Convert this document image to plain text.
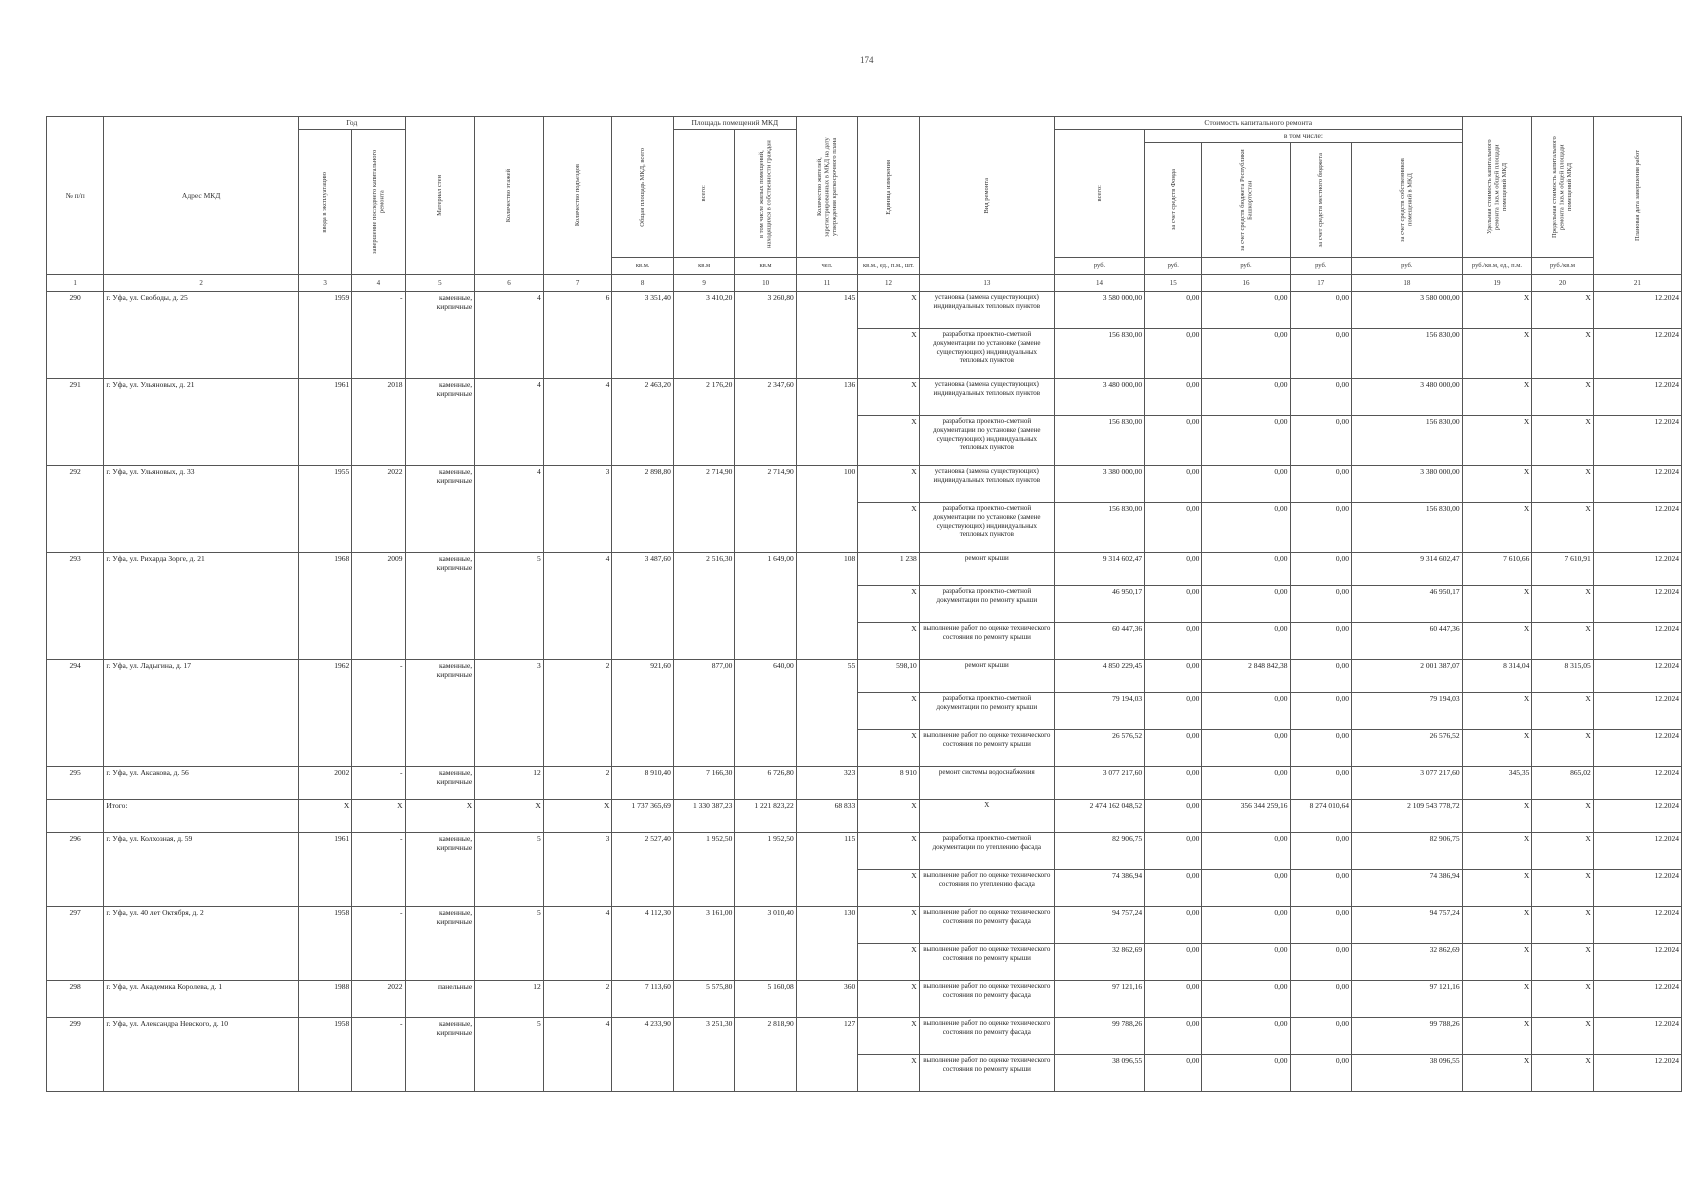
174
№ п/п	Адрес МКД	Год		Материал стен	Количество этажей	Количество подъездов	Общая площадь МКД, всего	Площадь помещений МКД		Количество жителей, зарегистрированных в МКД на дату утверждения краткосрочного плана	Единица измерения	Вид ремонта	Стоимость капитального ремонта					Удельная стоимость капитального ремонта 1кв.м общей площади помещений МКД	Предельная стоимость капитального ремонта 1кв.м общей площади помещений МКД	Плановая дата завершения работ

		ввода в эксплуатацию	завершение последнего капитального ремонта					всего:	в том числе жилых помещений, находящихся в собственности граждан				всего:	в том числе:						

														за счет средств Фонда	за счет средств бюджета Республики Башкортостан	за счет средств местного бюджета	за счет средств собственников помещений в МКД			

							кв.м.	кв.м	кв.м	чел.	кв.м., ед., п.м., шт.		руб.	руб.	руб.	руб.	руб.	руб./кв.м, ед., п.м.	руб./кв.м	
1	2	3	4	5	6	7	8	9	10	11	12	13	14	15	16	17	18	19	20	21
290	г. Уфа, ул. Свободы, д. 25	1959	-	каменные, кирпичные	4	6	3 351,40	3 410,20	3 260,80	145	X	установка (замена существующих) индивидуальных тепловых пунктов	3 580 000,00	0,00	0,00	0,00	3 580 000,00	X	X	12.2024
											X	разработка проектно-сметной документации по установке (замене существующих) индивидуальных тепловых пунктов	156 830,00	0,00	0,00	0,00	156 830,00	X	X	12.2024
291	г. Уфа, ул. Ульяновых, д. 21	1961	2018	каменные, кирпичные	4	4	2 463,20	2 176,20	2 347,60	136	X	установка (замена существующих) индивидуальных тепловых пунктов	3 480 000,00	0,00	0,00	0,00	3 480 000,00	X	X	12.2024
											X	разработка проектно-сметной документации по установке (замене существующих) индивидуальных тепловых пунктов	156 830,00	0,00	0,00	0,00	156 830,00	X	X	12.2024
292	г. Уфа, ул. Ульяновых, д. 33	1955	2022	каменные, кирпичные	4	3	2 898,80	2 714,90	2 714,90	100	X	установка (замена существующих) индивидуальных тепловых пунктов	3 380 000,00	0,00	0,00	0,00	3 380 000,00	X	X	12.2024
											X	разработка проектно-сметной документации по установке (замене существующих) индивидуальных тепловых пунктов	156 830,00	0,00	0,00	0,00	156 830,00	X	X	12.2024
293	г. Уфа, ул. Рихарда Зорге, д. 21	1968	2009	каменные, кирпичные	5	4	3 487,60	2 516,30	1 649,00	108	1 238	ремонт крыши	9 314 602,47	0,00	0,00	0,00	9 314 602,47	7 610,66	7 610,91	12.2024
											X	разработка проектно-сметной документации по ремонту крыши	46 950,17	0,00	0,00	0,00	46 950,17	X	X	12.2024
											X	выполнение работ по оценке технического состояния по ремонту крыши	60 447,36	0,00	0,00	0,00	60 447,36	X	X	12.2024
294	г. Уфа, ул. Ладыгина, д. 17	1962	-	каменные, кирпичные	3	2	921,60	877,00	640,00	55	598,10	ремонт крыши	4 850 229,45	0,00	2 848 842,38	0,00	2 001 387,07	8 314,04	8 315,05	12.2024
											X	разработка проектно-сметной документации по ремонту крыши	79 194,03	0,00	0,00	0,00	79 194,03	X	X	12.2024
											X	выполнение работ по оценке технического состояния по ремонту крыши	26 576,52	0,00	0,00	0,00	26 576,52	X	X	12.2024
295	г. Уфа, ул. Аксакова, д. 56	2002	-	каменные, кирпичные	12	2	8 910,40	7 166,30	6 726,80	323	8 910	ремонт системы водоснабжения	3 077 217,60	0,00	0,00	0,00	3 077 217,60	345,35	865,02	12.2024
	Итого:	X	X	X	X	X	1 737 365,69	1 330 387,23	1 221 823,22	68 833	X	X	2 474 162 048,52	0,00	356 344 259,16	8 274 010,64	2 109 543 778,72	X	X	12.2024
296	г. Уфа, ул. Колхозная, д. 59	1961	-	каменные, кирпичные	5	3	2 527,40	1 952,50	1 952,50	115	X	разработка проектно-сметной документации по утеплению фасада	82 906,75	0,00	0,00	0,00	82 906,75	X	X	12.2024
											X	выполнение работ по оценке технического состояния по утеплению фасада	74 386,94	0,00	0,00	0,00	74 386,94	X	X	12.2024
297	г. Уфа, ул. 40 лет Октября, д. 2	1958	-	каменные, кирпичные	5	4	4 112,30	3 161,00	3 010,40	130	X	выполнение работ по оценке технического состояния по ремонту фасада	94 757,24	0,00	0,00	0,00	94 757,24	X	X	12.2024
											X	выполнение работ по оценке технического состояния по ремонту крыши	32 862,69	0,00	0,00	0,00	32 862,69	X	X	12.2024
298	г. Уфа, ул. Академика Королева, д. 1	1988	2022	панельные	12	2	7 113,60	5 575,80	5 160,08	360	X	выполнение работ по оценке технического состояния по ремонту фасада	97 121,16	0,00	0,00	0,00	97 121,16	X	X	12.2024
299	г. Уфа, ул. Александра Невского, д. 10	1958	-	каменные, кирпичные	5	4	4 233,90	3 251,30	2 818,90	127	X	выполнение работ по оценке технического состояния по ремонту фасада	99 788,26	0,00	0,00	0,00	99 788,26	X	X	12.2024
											X	выполнение работ по оценке технического состояния по ремонту крыши	38 096,55	0,00	0,00	0,00	38 096,55	X	X	12.2024
